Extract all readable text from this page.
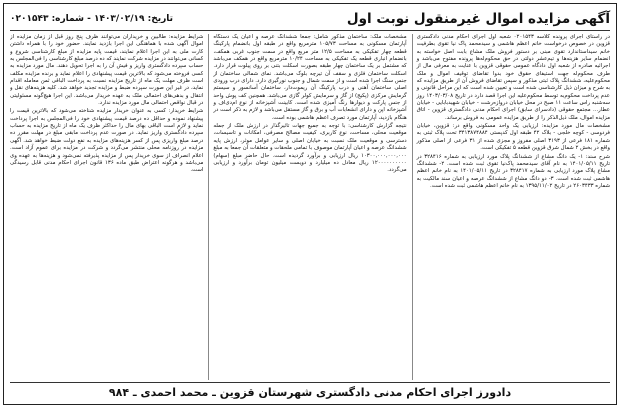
آگهی مزایده اموال غیرمنقول نوبت اول
تاریخ: ۱۴۰۳/۰۲/۱۹ - شماره: ۰۲۰۱۵۴۳

در راستای اجرای پرونده کلاسه ۰۲۰۱۵۴۳ شعبه اول اجرای احکام مدنی دادگستری قزوین در خصوص درخواست خانم اعظم هاشمی و سیدمحمد پاک نیا تقوی بطرفیت خانم سیداستاندارد تقوی مبنی بر دستور فروش ملک مشاع بابت اصل خواسته به انضمام سایر هزینه‌ها و تیم‌عشر دولتی در حق محکوم‌له‌ها پرونده مفتوح می‌باشد و اجرائیه صادره از شعبه اول دادگاه عمومی حقوقی قزوین با عنایت به معرفی مال از طرف محکوم‌له جهت استیفای حقوق خود بدوا تقاضای توقیف اموال و ملک محکوم‌علیه، ششدانگ پلاک ثبتی مذکور و سپس تقاضای فروش آن از طریق مزایده که به شرح و میزان ذیل کارشناسی شده است و تعیین شده است که این مراحل قانونی و عدم پرداخت محکوم‌به توسط محکوم‌علیه این اجرا قصد دارد در تاریخ ۱۴۰۳/۰۳/۰۸ روز سه‌شنبه راس ساعت ۱۱ صبح در محل خیابان دروازه‌رشت - خیابان شهیدبابایی - خیابان عطار... مجتمع حقوقی (دادسرای سابق) اجرای احکام مدنی دادگستری قزوین - اتاق مزایده اموال، ملک ذیل‌الذکر را از طریق مزایده عمومی به فروش برساند.

مشخصات مال مورد مزایده: ارزیابی یک واحد مسکونی واقع در: قزوین، خیابان فردوسی - کوچه خلجی - بلاک ۴۲ طبقه اول کدپستی ۳۴۱۳۸۷۴۸۸۴ تحت پلاک ثبتی به شماره ۱۸۱ فرعی از ۳۱۹۳ اصلی مفروز و مجزی شده از ۳۱ فرعی از اصلی مذکور واقع در بخش ۲ شمال شرق قزوین قطعه ۵ تفکیکی است.

شرح سند: ۱- یک دانگ مشاع از ششدانگ پلاک مورد ارزیابی به شماره ۳۲۸۴۱۶ در تاریخ ۱۴۰۱/۰۵/۱۱ به نام آقای سیدمحمد پاک‌نیا تقوی ثبت شده است. ۲- ششدانگ مشاع پلاک مورد ارزیابی به شماره ۳۲۸۴۱۷ در تاریخ ۱۴۰۱/۰۵/۱۱ به نام خانم اعظم هاشمی ثبت شده است. ۳- دو دانگ مشاع از ششدانگ عرصه و اعیان سند مالکیت به شماره ۲۶۰۳۴۳۳ در تاریخ ۱۳۹۵/۱۱/۰۲ به نام خانم اعظم هاشمی ثبت شده است.

مشخصات ملک: ساختمان مذکور شامل: جمعا ششدانگ عرصه و اعیان یک دستگاه آپارتمان مسکونی به مساحت ۱۰۵/۷۳ مترمربع واقع در طبقه اول بانضمام پارکینگ قطعه چهار تفکیکی به مساحت ۱۲/۵ متر مربع واقع در سمت جنوب غربی همکف، بانضمام انباری قطعه یک تفکیکی به مساحت ۱۰/۲۴ مترمربع واقع در همکف می‌باشد که مشتمل بر یک ساختمان چهار طبقه بصورت اسکلت بتنی بر روی پیلوت قرار دارد. اسکلت ساختمان فلزی و سقف آن تیرچه بلوک می‌باشد. نمای شمالی ساختمان از جنس سنگ اجرا شده است و از سمت شمال و جنوب نورگیری دارد. دارای درب ورودی اصلی ساختمان آهنی و درب پارکینگ آن ریموت‌دار، ساختمان آسانسور و سیستم گرمایش مرکزی (پکیج) از گاز و سرمایش کولر گازی می‌باشد. همچنین کف پوش واحد از جنس پارکت و دیوارها رنگ آمیزی شده است. کابینت آشپزخانه از نوع ام‌دی‌اف و آشپزخانه اپن و دارای انشعابات آب و برق و گاز مستقل می‌باشد و لازم به ذکر است در هنگام بازدید، آپارتمان مورد تصرف اعظم هاشمی بوده است.

نتیجه گزارش کارشناسی: با توجه به جمیع جهات تاثیرگذار در ارزش ملک از جمله موقعیت محلی، مساحت، نوع کاربری، کیفیت مصالح مصرفی، امکانات و تاسیسات، دسترسی و موقعیت ملک نسبت به خیابان اصلی و سایر عوامل موثر، ارزش پایه ششدانگ عرصه و اعیان آپارتمان موصوف با تمامی ملحقات و متعلقات آن جمعا به مبلغ ۱۰۳۰۰,۰۰۰,۰۰۰,۰۰۰ ریال ارزیابی و برآورد گردیده است. حال حاضر مبلغ (سهام) ۱۲۰۰۰۰۰۰۰۰۰۰ ریال معادل ده میلیارد و دویست میلیون تومان برآورد و ارزیابی می‌گردد.

شرایط مزایده: طالبین و خریداران می‌توانند ظرف پنج روز قبل از زمان مزایده از اموال آگهی شده با هماهنگی این اجرا بازدید نمایند. حضور خود را با همراه داشتن کارت ملی به این اجرا اعلام نمایند، قیمت پایه مزایده از مبلغ کارشناسی شروع و کسانی می‌توانند در مزایده شرکت نمایند که ده درصد مبلغ کارشناسی را فی‌المجلس به حساب سپرده دادگستری واریز و فیش آن را به اجرا تحویل دهند. مال مورد مزایده به کسی فروخته می‌شود که بالاترین قیمت پیشنهادی را اعلام نماید و برنده مزایده مکلف است ظرف مهلت یک ماه از تاریخ مزایده نسبت به پرداخت الباقی ثمن معامله اقدام نماید، در غیر این صورت سپرده ضبط و مزایده تجدید خواهد شد. کلیه هزینه‌های نقل و انتقال و بدهی‌های احتمالی ملک به عهده خریدار می‌باشد. این اجرا هیچ‌گونه مسئولیتی در قبال نواقص احتمالی مال مورد مزایده ندارد.

شرایط خریدار: کسی به عنوان خریدار مزایده شناخته می‌شود که بالاترین قیمت را پیشنهاد نموده و حداقل ده درصد قیمت پیشنهادی خود را فی‌المجلس به اجرا پرداخت نماید و لازم است الباقی بهای مال را حداکثر ظرف یک ماه از تاریخ مزایده به حساب سپرده دادگستری واریز نماید. در صورت عدم پرداخت مابقی مبلغ در مهلت مقرر ده درصد مبلغ واریزی پس از کسر هزینه‌های مزایده به نفع دولت ضبط خواهد شد. آگهی مزایده در روزنامه محلی منتشر می‌گردد و شرکت در مزایده برای عموم آزاد است. اعلام انصراف از سوی خریدار پس از مزایده پذیرفته نمی‌شود و هزینه‌ها به عهده وی می‌باشد و هرگونه اعتراض طبق ماده ۱۳۶ قانون اجرای احکام مدنی قابل رسیدگی است.

دادورز اجرای احکام مدنی دادگستری شهرستان قزوین ـ محمد احمدی ـ ۹۸۴
